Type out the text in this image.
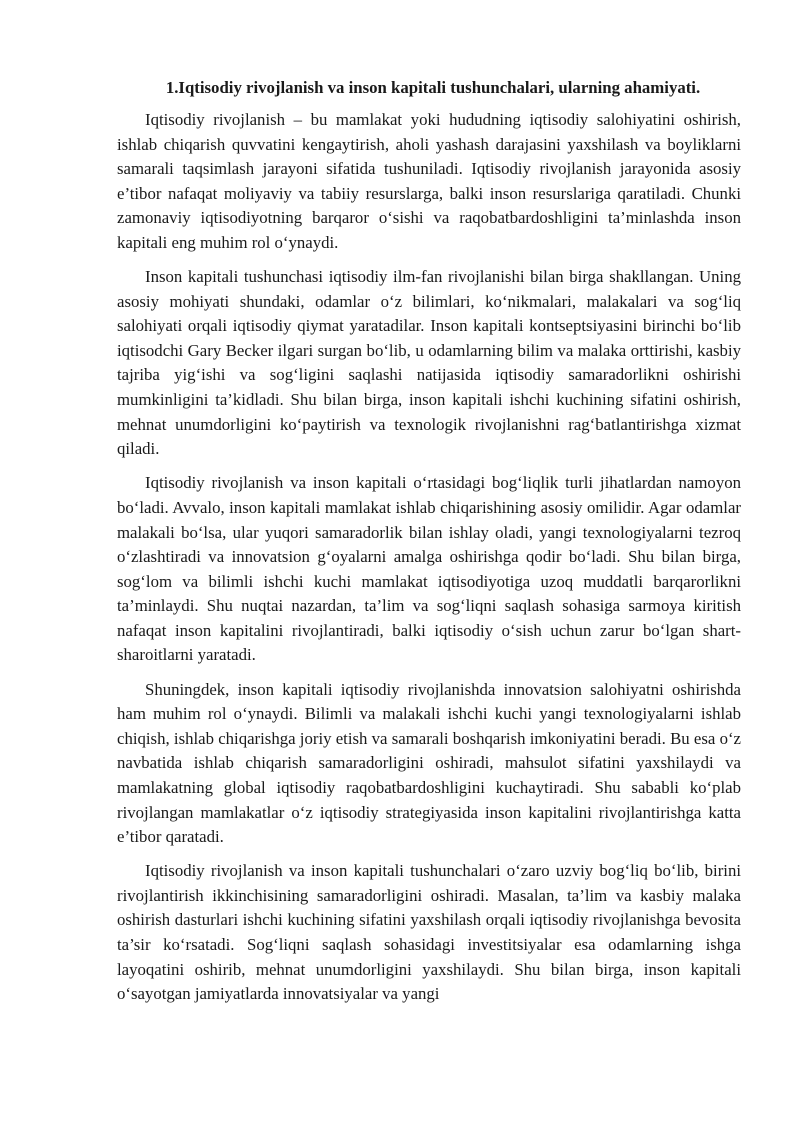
1.Iqtisodiy rivojlanish va inson kapitali tushunchalari, ularning ahamiyati.

Iqtisodiy rivojlanish – bu mamlakat yoki hududning iqtisodiy salohiyatini oshirish, ishlab chiqarish quvvatini kengaytirish, aholi yashash darajasini yaxshilash va boyliklarni samarali taqsimlash jarayoni sifatida tushuniladi. Iqtisodiy rivojlanish jarayonida asosiy e’tibor nafaqat moliyaviy va tabiiy resurslarga, balki inson resurslariga qaratiladi. Chunki zamonaviy iqtisodiyotning barqaror o‘sishi va raqobatbardoshligini ta’minlashda inson kapitali eng muhim rol o‘ynaydi.

Inson kapitali tushunchasi iqtisodiy ilm-fan rivojlanishi bilan birga shakllangan. Uning asosiy mohiyati shundaki, odamlar o‘z bilimlari, ko‘nikmalari, malakalari va sog‘liq salohiyati orqali iqtisodiy qiymat yaratadilar. Inson kapitali kontseptsiyasini birinchi bo‘lib iqtisodchi Gary Becker ilgari surgan bo‘lib, u odamlarning bilim va malaka orttirishi, kasbiy tajriba yig‘ishi va sog‘ligini saqlashi natijasida iqtisodiy samaradorlikni oshirishi mumkinligini ta’kidladi. Shu bilan birga, inson kapitali ishchi kuchining sifatini oshirish, mehnat unumdorligini ko‘paytirish va texnologik rivojlanishni rag‘batlantirishga xizmat qiladi.

Iqtisodiy rivojlanish va inson kapitali o‘rtasidagi bog‘liqlik turli jihatlardan namoyon bo‘ladi. Avvalo, inson kapitali mamlakat ishlab chiqarishining asosiy omilidir. Agar odamlar malakali bo‘lsa, ular yuqori samaradorlik bilan ishlay oladi, yangi texnologiyalarni tezroq o‘zlashtiradi va innovatsion g‘oyalarni amalga oshirishga qodir bo‘ladi. Shu bilan birga, sog‘lom va bilimli ishchi kuchi mamlakat iqtisodiyotiga uzoq muddatli barqarorlikni ta’minlaydi. Shu nuqtai nazardan, ta’lim va sog‘liqni saqlash sohasiga sarmoya kiritish nafaqat inson kapitalini rivojlantiradi, balki iqtisodiy o‘sish uchun zarur bo‘lgan shart-sharoitlarni yaratadi.

Shuningdek, inson kapitali iqtisodiy rivojlanishda innovatsion salohiyatni oshirishda ham muhim rol o‘ynaydi. Bilimli va malakali ishchi kuchi yangi texnologiyalarni ishlab chiqish, ishlab chiqarishga joriy etish va samarali boshqarish imkoniyatini beradi. Bu esa o‘z navbatida ishlab chiqarish samaradorligini oshiradi, mahsulot sifatini yaxshilaydi va mamlakatning global iqtisodiy raqobatbardoshligini kuchaytiradi. Shu sababli ko‘plab rivojlangan mamlakatlar o‘z iqtisodiy strategiyasida inson kapitalini rivojlantirishga katta e’tibor qaratadi.

Iqtisodiy rivojlanish va inson kapitali tushunchalari o‘zaro uzviy bog‘liq bo‘lib, birini rivojlantirish ikkinchisining samaradorligini oshiradi. Masalan, ta’lim va kasbiy malaka oshirish dasturlari ishchi kuchining sifatini yaxshilash orqali iqtisodiy rivojlanishga bevosita ta’sir ko‘rsatadi. Sog‘liqni saqlash sohasidagi investitsiyalar esa odamlarning ishga layoqatini oshirib, mehnat unumdorligini yaxshilaydi. Shu bilan birga, inson kapitali o‘sayotgan jamiyatlarda innovatsiyalar va yangi
